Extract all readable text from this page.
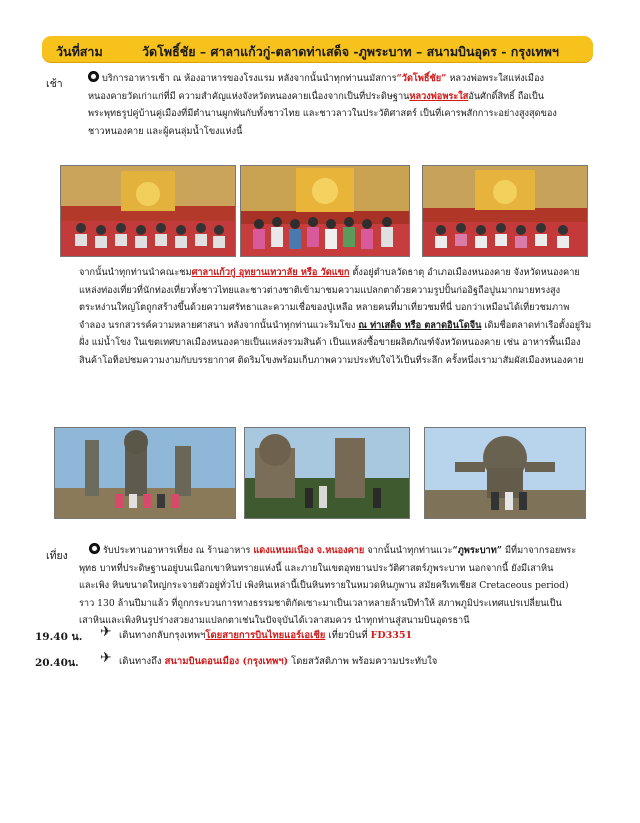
วันที่สาม	วัดโพธิ์ชัย – ศาลาแก้วกู่-ตลาดท่าเสด็จ -ภูพระบาท – สนามบินอุดร - กรุงเทพฯ
เช้า	บริการอาหารเช้า ณ ห้องอาหารของโรงแรม หลังจากนั้นนำทุกท่านนมัสการ“วัดโพธิ์ชัย” หลวงพ่อพระใสแห่งเมือง
หนองคายวัดเก่าแก่ที่มี ความสำคัญแห่งจังหวัดหนองคายเนื่องจากเป็นที่ประดิษฐานหลวงพ่อพระใสอันศักดิ์สิทธิ์ ถือเป็น
พระพุทธรูปคู่บ้านคู่เมืองที่มีตำนานผูกพันกับทั้งชาวไทย และชาวลาวในประวัติศาสตร์ เป็นที่เคารพสักการะอย่างสูงสุดของ
ชาวหนองคาย และผู้คนลุ่มน้ำโขงแห่งนี้
จากนั้นนำทุกท่านนำคณะชมศาลาแก้วกู่ อุทยานเทวาลัย หรือ วัดแขก ตั้งอยู่ตำบลวัดธาตุ อำเภอเมืองหนองคาย จังหวัดหนองคาย
แหล่งท่องเที่ยวที่นักท่องเที่ยวทั้งชาวไทยและชาวต่างชาติเข้ามาชมความแปลกตาด้วยความรูปปั้นก่ออิฐถือปูนมากมายทรงสูง
ตระหง่านใหญ่โตถูกสร้างขึ้นด้วยความศรัทธาและความเชื่อของปู่เหลือ หลายคนที่มาเที่ยวชมที่นี่ บอกว่าเหมือนได้เที่ยวชมภาพ
จำลอง นรกสวรรค์ความหลายศาสนา หลังจากนั้นนำทุกท่านแวะริมโขง ณ ท่าเสด็จ หรือ ตลาดอินโดจีน เดิมชื่อตลาดท่าเรือตั้งอยู่ริม
ฝั่ง แม่น้ำโขง ในเขตเทศบาลเมืองหนองคายเป็นแหล่งรวมสินค้า เป็นแหล่งซื้อขายผลิตภัณฑ์จังหวัดหนองคาย เช่น อาหารพื้นเมือง
สินค้าโอท็อปชมความงามกับบรรยากาศ ติดริมโขงพร้อมเก็บภาพความประทับใจไว้เป็นที่ระลึก ครั้งหนึ่งเรามาสัมผัสเมืองหนองคาย
เที่ยง	รับประทานอาหารเที่ยง ณ ร้านอาหาร แดงแหนมเนือง จ.หนองคาย จากนั้นนำทุกท่านแวะ“ภูพระบาท” มีที่มาจากรอยพระ
พุทธ บาทที่ประดิษฐานอยู่บนเนือกเขาหินทรายแห่งนี้ และภายในเขตอุทยานประวัติศาสตร์ภูพระบาท นอกจากนี้ ยังมีเสาหิน
และเพิง หินขนาดใหญ่กระจายตัวอยู่ทั่วไป เพิงหินเหล่านี้เป็นหินทรายในหมวดหินภูพาน สมัยครีเทเชียส Cretaceous period)
ราว 130 ล้านปีมาแล้ว ที่ถูกกระบวนการทางธรรมชาติกัดเซาะมาเป็นเวลาหลายล้านปีทำให้ สภาพภูมิประเทศแปรเปลี่ยนเป็น
เสาหินและเพิงหินรูปร่างสวยงามแปลกตาเช่นในปัจจุบันได้เวลาสมควร นำทุกท่านสู่สนามบินอุดรธานี
19.40 น. ✈ เดินทางกลับกรุงเทพฯโดยสายการบินไทยแอร์เอเชีย เที่ยวบินที่ FD3351
20.40น. ✈ เดินทางถึง สนามบินดอนเมือง (กรุงเทพฯ) โดยสวัสดิภาพ พร้อมความประทับใจ
